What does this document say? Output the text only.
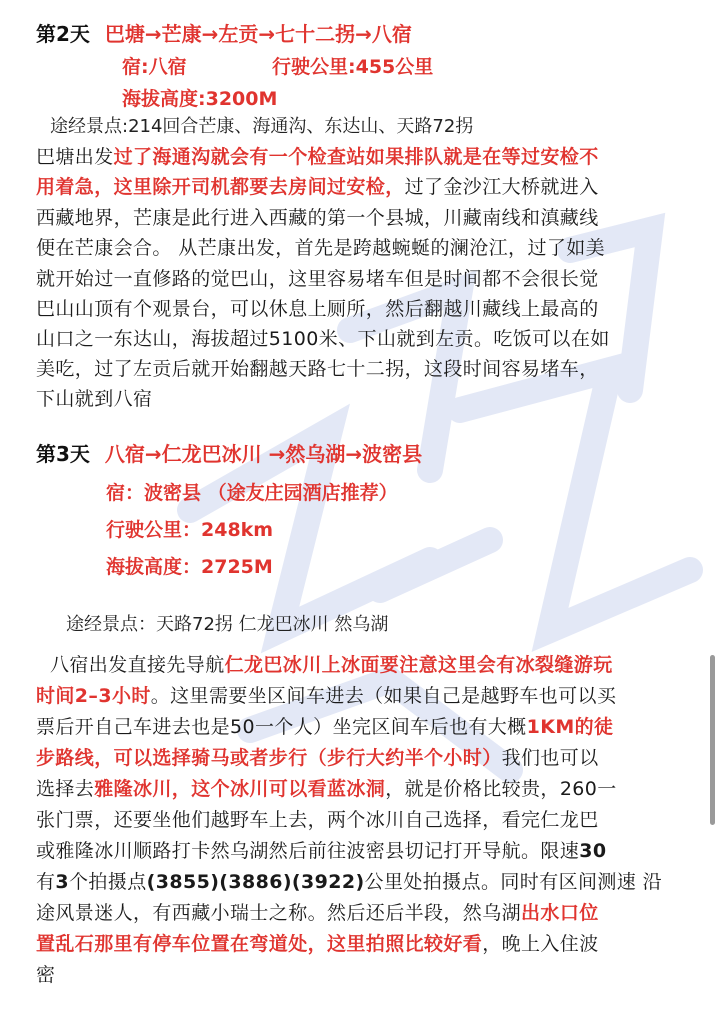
第2天 巴塘→芒康→左贡→七十二拐→八宿
宿:八宿	行驶公里:455公里
海拔高度:3200M
途经景点:214回合芒康、海通沟、东达山、天路72拐
巴塘出发过了海通沟就会有一个检查站如果排队就是在等过安检不
用着急，这里除开司机都要去房间过安检，过了金沙江大桥就进入
西藏地界，芒康是此行进入西藏的第一个县城，川藏南线和滇藏线
便在芒康会合。 从芒康出发，首先是跨越蜿蜒的澜沧江，过了如美
就开始过一直修路的觉巴山，这里容易堵车但是时间都不会很长觉
巴山山顶有个观景台，可以休息上厕所，然后翻越川藏线上最高的
山口之一东达山，海拔超过5100米、下山就到左贡。吃饭可以在如
美吃，过了左贡后就开始翻越天路七十二拐，这段时间容易堵车，
下山就到八宿
第3天 八宿→仁龙巴冰川 →然乌湖→波密县
宿：波密县 （途友庄园酒店推荐）
行驶公里：248km
海拔高度：2725M
途经景点：天路72拐 仁龙巴冰川 然乌湖
八宿出发直接先导航仁龙巴冰川上冰面要注意这里会有冰裂缝游玩
时间2–3小时。这里需要坐区间车进去（如果自己是越野车也可以买
票后开自己车进去也是50一个人）坐完区间车后也有大概1KM的徒
步路线，可以选择骑马或者步行（步行大约半个小时）我们也可以
选择去雅隆冰川，这个冰川可以看蓝冰洞，就是价格比较贵，260一
张门票，还要坐他们越野车上去，两个冰川自己选择，看完仁龙巴
或雅隆冰川顺路打卡然乌湖然后前往波密县切记打开导航。限速30
有3个拍摄点(3855)(3886)(3922)公里处拍摄点。同时有区间测速 沿
途风景迷人，有西藏小瑞士之称。然后还后半段，然乌湖出水口位
置乱石那里有停车位置在弯道处，这里拍照比较好看，晚上入住波
密
